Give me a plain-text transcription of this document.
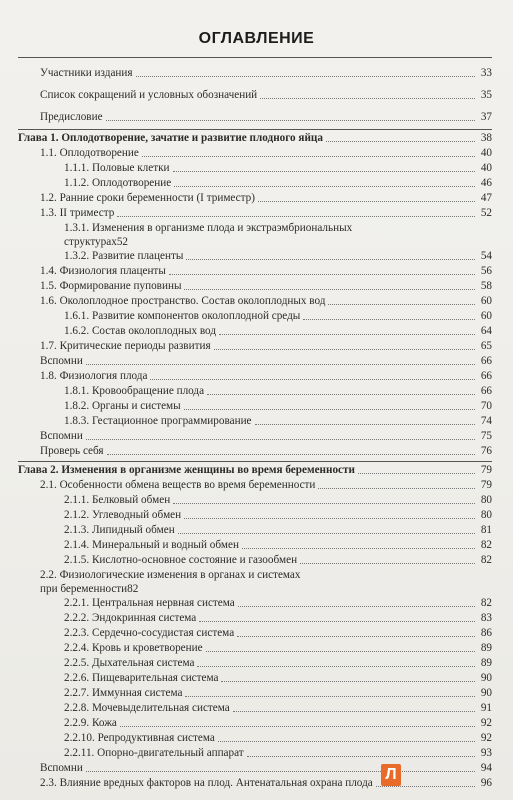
ОГЛАВЛЕНИЕ
Участники издания	33
Список сокращений и условных обозначений	35
Предисловие	37
Глава 1. Оплодотворение, зачатие и развитие плодного яйца	38
1.1. Оплодотворение	40
1.1.1. Половые клетки	40
1.1.2. Оплодотворение	46
1.2. Ранние сроки беременности (I триместр)	47
1.3. II триместр	52
1.3.1. Изменения в организме плода и экстраэмбриональных
структурах 52
1.3.2. Развитие плаценты	54
1.4. Физиология плаценты	56
1.5. Формирование пуповины	58
1.6. Околоплодное пространство. Состав околоплодных вод	60
1.6.1. Развитие компонентов околоплодной среды	60
1.6.2. Состав околоплодных вод	64
1.7. Критические периоды развития	65
Вспомни	66
1.8. Физиология плода	66
1.8.1. Кровообращение плода	66
1.8.2. Органы и системы	70
1.8.3. Гестационное программирование	74
Вспомни	75
Проверь себя	76
Глава 2. Изменения в организме женщины во время беременности	79
2.1. Особенности обмена веществ во время беременности	79
2.1.1. Белковый обмен	80
2.1.2. Углеводный обмен	80
2.1.3. Липидный обмен	81
2.1.4. Минеральный и водный обмен	82
2.1.5. Кислотно-основное состояние и газообмен	82
2.2. Физиологические изменения в органах и системах
при беременности 82
2.2.1. Центральная нервная система	82
2.2.2. Эндокринная система	83
2.2.3. Сердечно-сосудистая система	86
2.2.4. Кровь и кроветворение	89
2.2.5. Дыхательная система	89
2.2.6. Пищеварительная система	90
2.2.7. Иммунная система	90
2.2.8. Мочевыделительная система	91
2.2.9. Кожа	92
2.2.10. Репродуктивная система	92
2.2.11. Опорно-двигательный аппарат	93
Вспомни	94
2.3. Влияние вредных факторов на плод. Антенатальная охрана плода	96
Л
